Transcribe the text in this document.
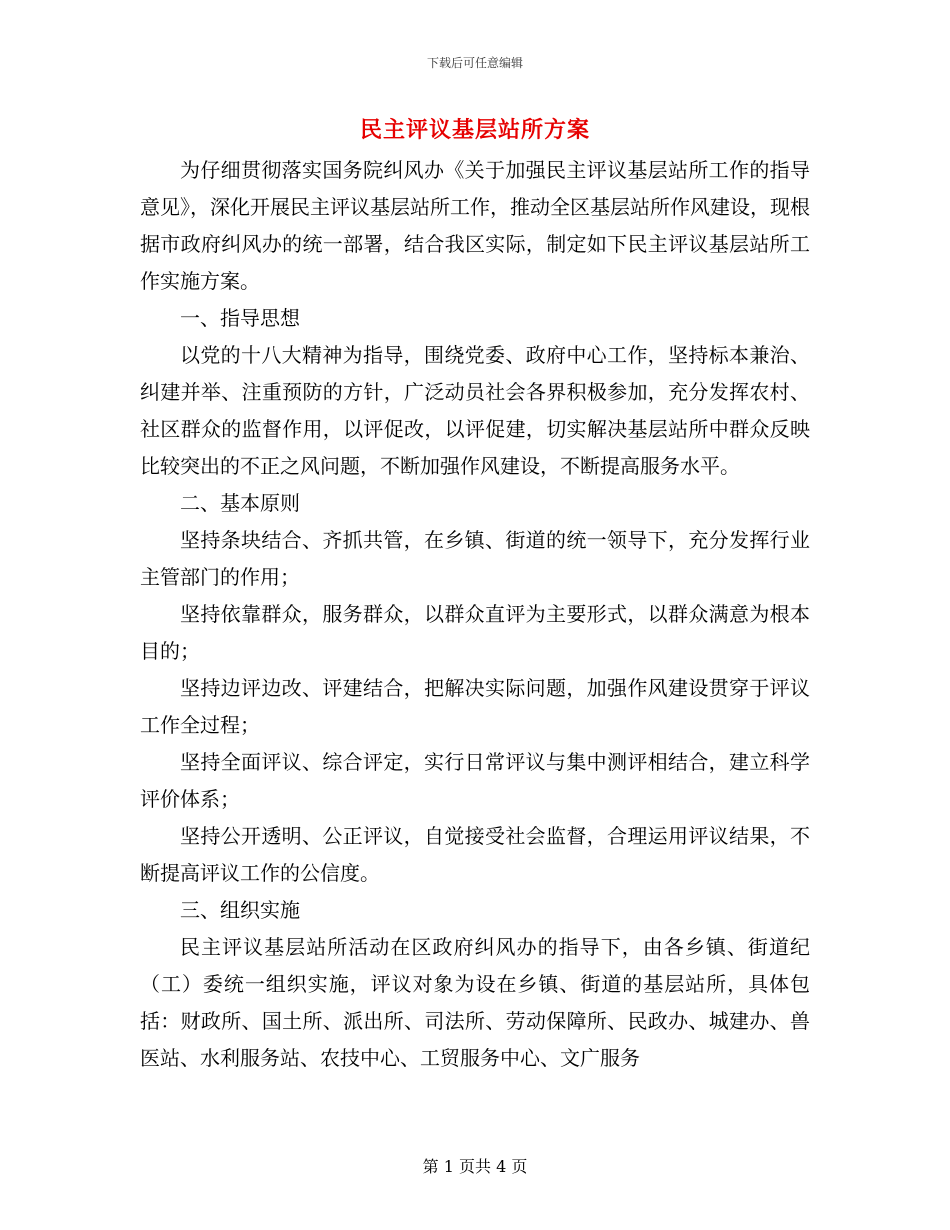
下载后可任意编辑
民主评议基层站所方案

为仔细贯彻落实国务院纠风办《关于加强民主评议基层站所工作的指导意见》，深化开展民主评议基层站所工作，推动全区基层站所作风建设，现根据市政府纠风办的统一部署，结合我区实际，制定如下民主评议基层站所工作实施方案。

一、指导思想

以党的十八大精神为指导，围绕党委、政府中心工作，坚持标本兼治、纠建并举、注重预防的方针，广泛动员社会各界积极参加，充分发挥农村、社区群众的监督作用，以评促改，以评促建，切实解决基层站所中群众反映比较突出的不正之风问题，不断加强作风建设，不断提高服务水平。

二、基本原则

坚持条块结合、齐抓共管，在乡镇、街道的统一领导下，充分发挥行业主管部门的作用；

坚持依靠群众，服务群众，以群众直评为主要形式，以群众满意为根本目的；

坚持边评边改、评建结合，把解决实际问题，加强作风建设贯穿于评议工作全过程；

坚持全面评议、综合评定，实行日常评议与集中测评相结合，建立科学评价体系；

坚持公开透明、公正评议，自觉接受社会监督，合理运用评议结果，不断提高评议工作的公信度。

三、组织实施

民主评议基层站所活动在区政府纠风办的指导下，由各乡镇、街道纪（工）委统一组织实施，评议对象为设在乡镇、街道的基层站所，具体包括：财政所、国土所、派出所、司法所、劳动保障所、民政办、城建办、兽医站、水利服务站、农技中心、工贸服务中心、文广服务

第 1 页共 4 页
